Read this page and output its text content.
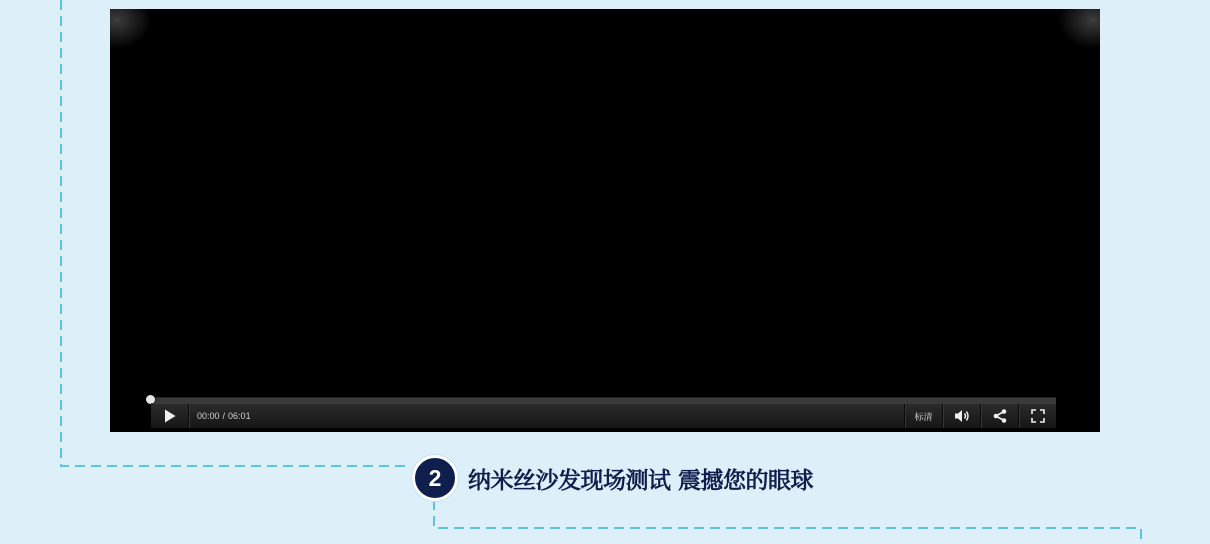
00:00 / 06:01	标清
2	纳米丝沙发现场测试 震撼您的眼球
